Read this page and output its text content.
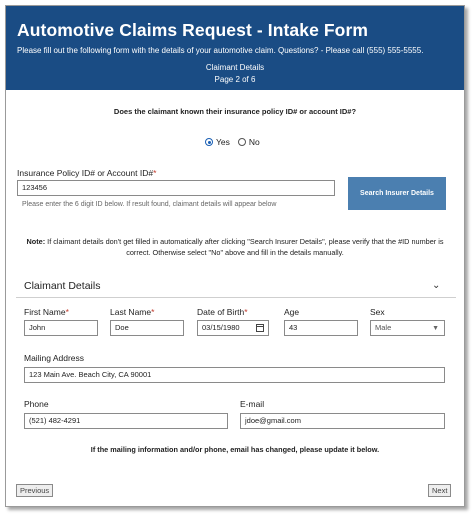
Automotive Claims Request - Intake Form
Please fill out the following form with the details of your automotive claim. Questions? - Please call (555) 555-5555.
Claimant Details
Page 2 of 6
Does the claimant known their insurance policy ID# or account ID#?
Yes No
Insurance Policy ID# or Account ID#*
123456
Please enter the 6 digit ID below. If result found, claimant details will appear below
Search Insurer Details
Note: If claimant details don't get filled in automatically after clicking "Search Insurer Details", please verify that the #ID number is correct. Otherwise select "No" above and fill in the details manually.
Claimant Details	⌄
First Name*
John
Last Name*
Doe
Date of Birth*
03/15/1980
Age
43
Sex
Male	▼
Mailing Address
123 Main Ave. Beach City, CA 90001
Phone
(521) 482-4291
E-mail
jdoe@gmail.com
If the mailing information and/or phone, email has changed, please update it below.
Previous	Next
